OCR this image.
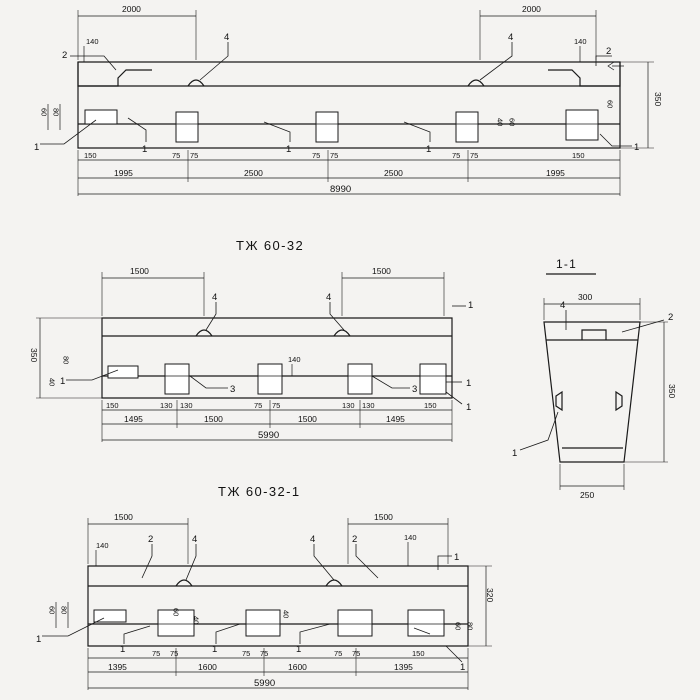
2000	2000
140	140
2
4	4
2
1	1	1	1	1
350
60
60 80
40 60
150	75 75	75 75	75 75	150
1995	2500	2500	1995
8990
ТЖ 60-32
1500	1500
4	4
1
140
1
3	3
1
1
350	80
40
150	130 130	75 75	130 130	150
1495	1500	1500	1495
5990
ТЖ 60-32-1
1-1
4
2
1
300
250
350
1500	1500
140
140
2	4	4	2
1
1
1	1	1
1
320
60 80
60 80
40
40
60
75 75	75 75	75 75	150
1395	1600	1600	1395
5990
